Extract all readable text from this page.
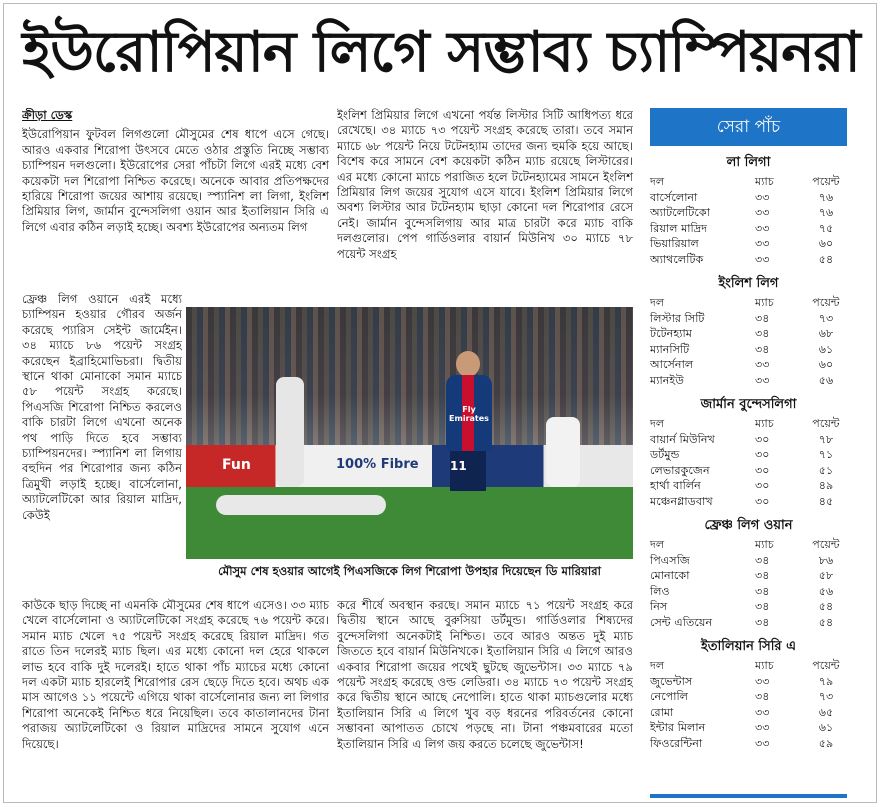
ইউরোপিয়ান লিগে সম্ভাব্য চ্যাম্পিয়নরা

ক্রীড়া ডেস্ক

ইউরোপিয়ান ফুটবল লিগগুলো মৌসুমের শেষ ধাপে এসে গেছে। আরও একবার শিরোপা উৎসবে মেতে ওঠার প্রস্তুতি নিচ্ছে সম্ভাব্য চ্যাম্পিয়ন দলগুলো। ইউরোপের সেরা পাঁচটা লিগে এরই মধ্যে বেশ কয়েকটা দল শিরোপা নিশ্চিত করেছে। অনেকে আবার প্রতিপক্ষদের হারিয়ে শিরোপা জয়ের আশায় রয়েছে। স্প্যানিশ লা লিগা, ইংলিশ প্রিমিয়ার লিগ, জার্মান বুন্দেসলিগা ওয়ান আর ইতালিয়ান সিরি এ লিগে এবার কঠিন লড়াই হচ্ছে। অবশ্য ইউরোপের অন্যতম লিগ

ফ্রেঞ্চ লিগ ওয়ানে এরই মধ্যে চ্যাম্পিয়ন হওয়ার গৌরব অর্জন করেছে প্যারিস সেইন্ট জার্মেইন। ৩৪ ম্যাচে ৮৬ পয়েন্ট সংগ্রহ করেছেন ইব্রাহিমোভিচরা। দ্বিতীয় স্থানে থাকা মোনাকো সমান ম্যাচে ৫৮ পয়েন্ট সংগ্রহ করেছে। পিএসজি শিরোপা নিশ্চিত করলেও বাকি চারটা লিগে এখনো অনেক পথ পাড়ি দিতে হবে সম্ভাব্য চ্যাম্পিয়নদের। স্প্যানিশ লা লিগায় বহুদিন পর শিরোপার জন্য কঠিন ত্রিমুখী লড়াই হচ্ছে। বার্সেলোনা, অ্যাটলেটিকো আর রিয়াল মাদ্রিদ, কেউই

কাউকে ছাড় দিচ্ছে না এমনকি মৌসুমের শেষ ধাপে এসেও। ৩৩ ম্যাচ খেলে বার্সেলোনা ও অ্যাটলেটিকো সংগ্রহ করেছে ৭৬ পয়েন্ট করে। সমান ম্যাচ খেলে ৭৫ পয়েন্ট সংগ্রহ করেছে রিয়াল মাদ্রিদ। গত রাতে তিন দলেরই ম্যাচ ছিল। এর মধ্যে কোনো দল হেরে থাকলে লাভ হবে বাকি দুই দলেরই। হাতে থাকা পাঁচ ম্যাচের মধ্যে কোনো দল একটা ম্যাচ হারলেই শিরোপার রেস ছেড়ে দিতে হবে। অথচ এক মাস আগেও ১১ পয়েন্টে এগিয়ে থাকা বার্সেলোনার জন্য লা লিগার শিরোপা অনেকেই নিশ্চিত ধরে নিয়েছিল। তবে কাতালানদের টানা পরাজয় অ্যাটলেটিকো ও রিয়াল মাদ্রিদের সামনে সুযোগ এনে দিয়েছে।

ইংলিশ প্রিমিয়ার লিগে এখনো পর্যন্ত লিস্টার সিটি আধিপত্য ধরে রেখেছে। ৩৪ ম্যাচে ৭৩ পয়েন্ট সংগ্রহ করেছে তারা। তবে সমান ম্যাচে ৬৮ পয়েন্ট নিয়ে টটেনহ্যাম তাদের জন্য হুমকি হয়ে আছে। বিশেষ করে সামনে বেশ কয়েকটা কঠিন ম্যাচ রয়েছে লিস্টারের। এর মধ্যে কোনো ম্যাচে পরাজিত হলে টটেনহ্যামের সামনে ইংলিশ প্রিমিয়ার লিগ জয়ের সুযোগ এসে যাবে। ইংলিশ প্রিমিয়ার লিগে অবশ্য লিস্টার আর টটেনহ্যাম ছাড়া কোনো দল শিরোপার রেসে নেই। জার্মান বুন্দেসলিগায় আর মাত্র চারটা করে ম্যাচ বাকি দলগুলোর। পেপ গার্ডিওলার বায়ার্ন মিউনিখ ৩০ ম্যাচে ৭৮ পয়েন্ট সংগ্রহ

Fun	100% Fibre
Fly Emirates
11
মৌসুম শেষ হওয়ার আগেই পিএসজিকে লিগ শিরোপা উপহার দিয়েছেন ডি মারিয়ারা

করে শীর্ষে অবস্থান করছে। সমান ম্যাচে ৭১ পয়েন্ট সংগ্রহ করে দ্বিতীয় স্থানে আছে বুরুসিয়া ডর্টমুন্ড। গার্ডিওলার শিষ্যদের বুন্দেসলিগা অনেকটাই নিশ্চিত। তবে আরও অন্তত দুই ম্যাচ জিততে হবে বায়ার্ন মিউনিখকে। ইতালিয়ান সিরি এ লিগে আরও একবার শিরোপা জয়ের পথেই ছুটছে জুভেন্টাস। ৩৩ ম্যাচে ৭৯ পয়েন্ট সংগ্রহ করেছে ওল্ড লেডিরা। ৩৪ ম্যাচে ৭৩ পয়েন্ট সংগ্রহ করে দ্বিতীয় স্থানে আছে নেপোলি। হাতে থাকা ম্যাচগুলোর মধ্যে ইতালিয়ান সিরি এ লিগে খুব বড় ধরনের পরিবর্তনের কোনো সম্ভাবনা আপাতত চোখে পড়ছে না। টানা পঞ্চমবারের মতো ইতালিয়ান সিরি এ লিগ জয় করতে চলেছে জুভেন্টাস!

সেরা পাঁচ
লা লিগা
দল	ম্যাচ	পয়েন্ট
বার্সেলোনা	৩৩	৭৬
অ্যাটলেটিকো	৩৩	৭৬
রিয়াল মাদ্রিদ	৩৩	৭৫
ভিয়ারিয়াল	৩৩	৬০
অ্যাথলেটিক	৩৩	৫৪
ইংলিশ লিগ
দল	ম্যাচ	পয়েন্ট
লিস্টার সিটি	৩৪	৭৩
টটেনহ্যাম	৩৪	৬৮
ম্যানসিটি	৩৪	৬১
আর্সেনাল	৩৩	৬০
ম্যানইউ	৩৩	৫৬
জার্মান বুন্দেসলিগা
দল	ম্যাচ	পয়েন্ট
বায়ার্ন মিউনিখ	৩০	৭৮
ডর্টমুন্ড	৩০	৭১
লেভারকুজেন	৩০	৫১
হার্থা বার্লিন	৩০	৪৯
মঞ্চেনগ্লাডবাখ	৩০	৪৫
ফ্রেঞ্চ লিগ ওয়ান
দল	ম্যাচ	পয়েন্ট
পিএসজি	৩৪	৮৬
মোনাকো	৩৪	৫৮
লিও	৩৪	৫৬
নিস	৩৪	৫৪
সেন্ট এতিয়েন	৩৪	৫৪
ইতালিয়ান সিরি এ
দল	ম্যাচ	পয়েন্ট
জুভেন্টাস	৩৩	৭৯
নেপোলি	৩৪	৭৩
রোমা	৩৩	৬৫
ইন্টার মিলান	৩৩	৬১
ফিওরেন্টিনা	৩৩	৫৯
